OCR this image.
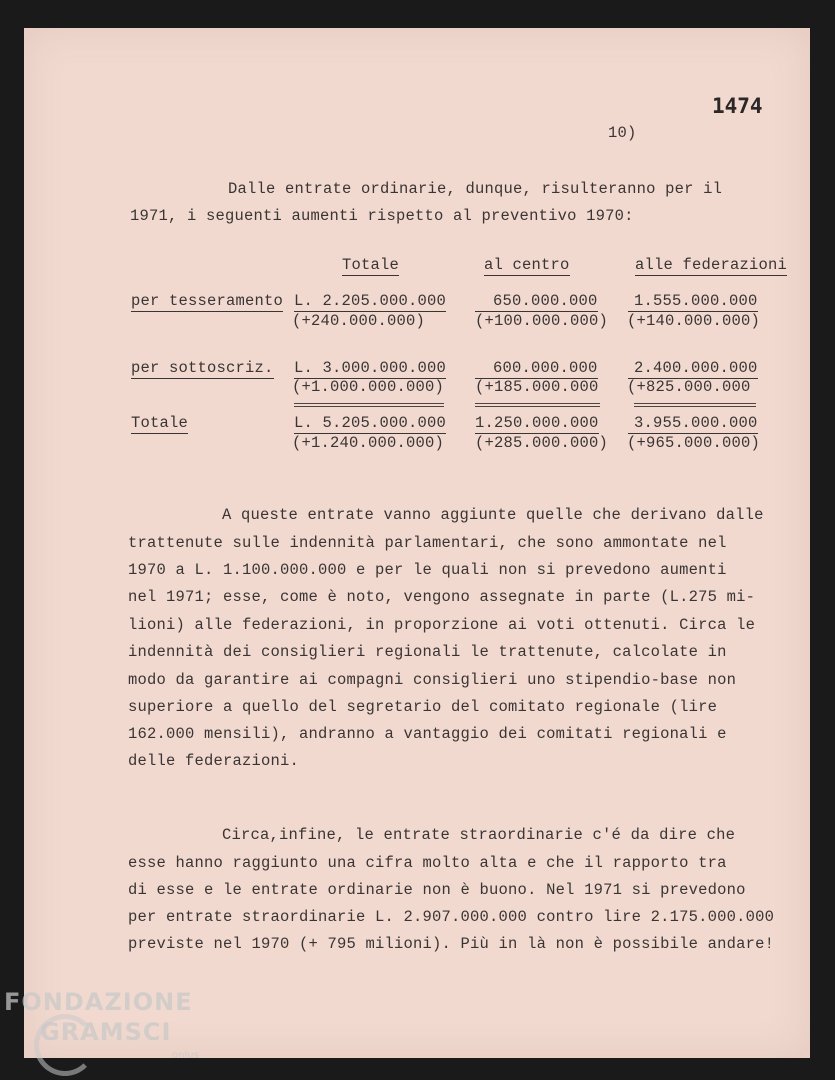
1474
10)
Dalle entrate ordinarie, dunque, risulteranno per il
1971, i seguenti aumenti rispetto al preventivo 1970:
Totale	al centro	alle federazioni
per tesseramento L. 2.205.000.000	650.000.000	1.555.000.000
(+240.000.000)	(+100.000.000) (+140.000.000)
per sottoscriz. L. 3.000.000.000	600.000.000	2.400.000.000
(+1.000.000.000) (+185.000.000 (+825.000.000
Totale	L. 5.205.000.000 1.250.000.000	3.955.000.000
(+1.240.000.000) (+285.000.000) (+965.000.000)
A queste entrate vanno aggiunte quelle che derivano dalle
trattenute sulle indennità parlamentari, che sono ammontate nel
1970 a L. 1.100.000.000 e per le quali non si prevedono aumenti
nel 1971; esse, come è noto, vengono assegnate in parte (L.275 mi-
lioni) alle federazioni, in proporzione ai voti ottenuti. Circa le
indennità dei consiglieri regionali le trattenute, calcolate in
modo da garantire ai compagni consiglieri uno stipendio-base non
superiore a quello del segretario del comitato regionale (lire
162.000 mensili), andranno a vantaggio dei comitati regionali e
delle federazioni.
Circa,infine, le entrate straordinarie c'é da dire che
esse hanno raggiunto una cifra molto alta e che il rapporto tra
di esse e le entrate ordinarie non è buono. Nel 1971 si prevedono
per entrate straordinarie L. 2.907.000.000 contro lire 2.175.000.000
previste nel 1970 (+ 795 milioni). Più in là non è possibile andare!
FONDAZIONE
GRAMSCI
onlus
